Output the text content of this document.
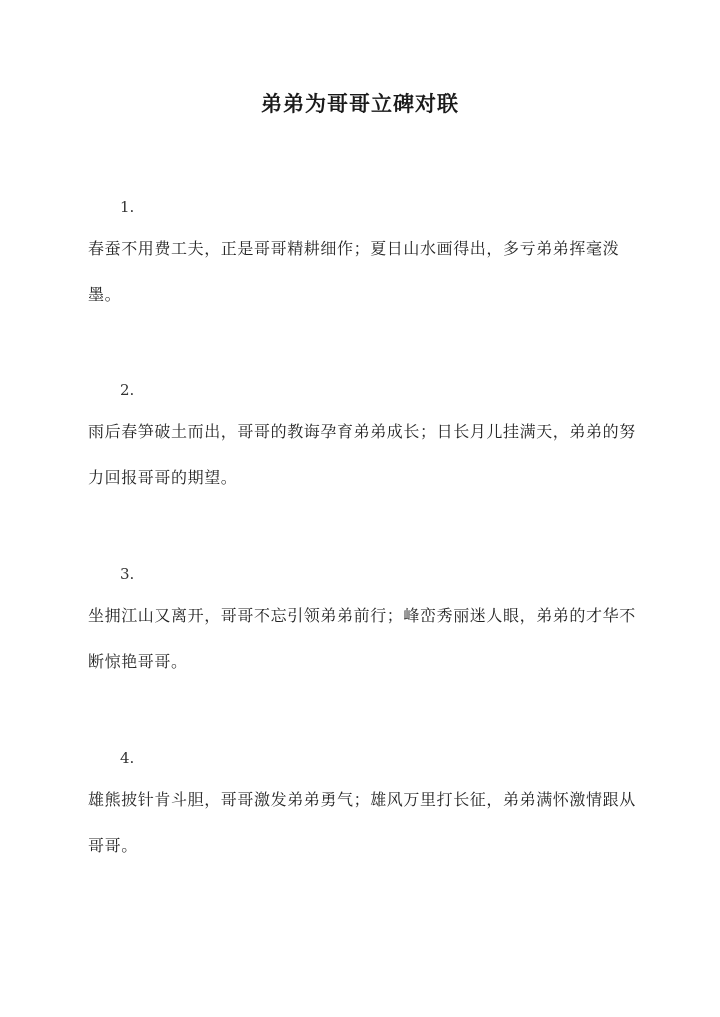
弟弟为哥哥立碑对联
1.
春蚕不用费工夫，正是哥哥精耕细作；夏日山水画得出，多亏弟弟挥毫泼墨。
2.
雨后春笋破土而出，哥哥的教诲孕育弟弟成长；日长月儿挂满天，弟弟的努力回报哥哥的期望。
3.
坐拥江山又离开，哥哥不忘引领弟弟前行；峰峦秀丽迷人眼，弟弟的才华不断惊艳哥哥。
4.
雄熊披针肯斗胆，哥哥激发弟弟勇气；雄风万里打长征，弟弟满怀激情跟从哥哥。
